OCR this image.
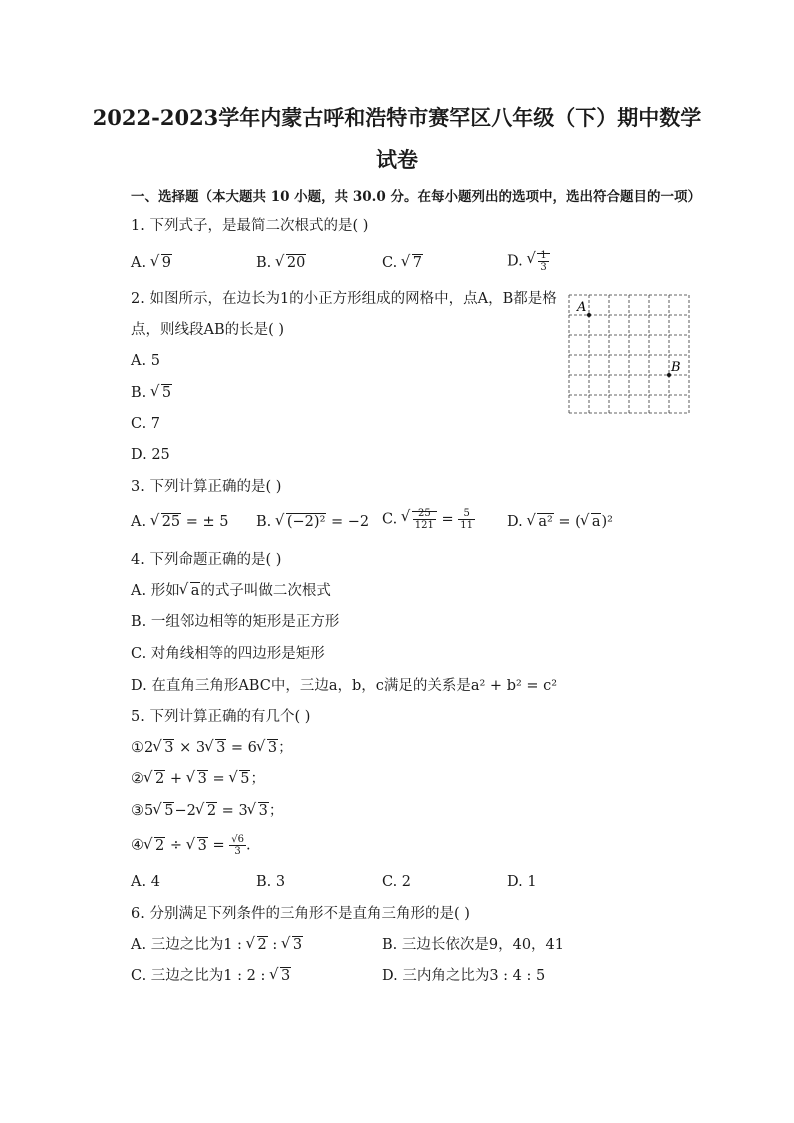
2022-2023学年内蒙古呼和浩特市赛罕区八年级（下）期中数学
试卷
一、选择题（本大题共 10 小题，共 30.0 分。在每小题列出的选项中，选出符合题目的一项）
1. 下列式子，是最简二次根式的是( )
A. √ 9	B. √ 20	C. √ 7	D. √ $\frac{1}{3}$
2. 如图所示，在边长为1的小正方形组成的网格中，点A，B都是格
点，则线段AB的长是( )
A. 5
B. √ 5
C. 7
D. 25
A
B
3. 下列计算正确的是( )
A. √ 25 = ± 5 B. √ (−2)² = −2 C. √ $\frac{25}{121} = \frac{5}{11} D$. √ a² = ( √ a)²
4. 下列命题正确的是( )
A. 形如 √ a的式子叫做二次根式
B. 一组邻边相等的矩形是正方形
C. 对角线相等的四边形是矩形
D. 在直角三角形ABC中，三边a，b，c满足的关系是a² + b² = c²
5. 下列计算正确的有几个( )
①2 √ 3 × 3 √ 3 = 6 √ 3；
② √ 2 + √ 3 = √ 5；
③5 √ 5−2 √ 2 = 3 √ 3；
④ √ 2 ÷ √ $3 = \frac{√6}{3}$ .
A. 4	B. 3	C. 2	D. 1
6. 分别满足下列条件的三角形不是直角三角形的是( )
A. 三边之比为1 : √ 2 : √ 3	B. 三边长依次是9，40，41
C. 三边之比为1 : 2 : √ 3	D. 三内角之比为3 : 4 : 5
